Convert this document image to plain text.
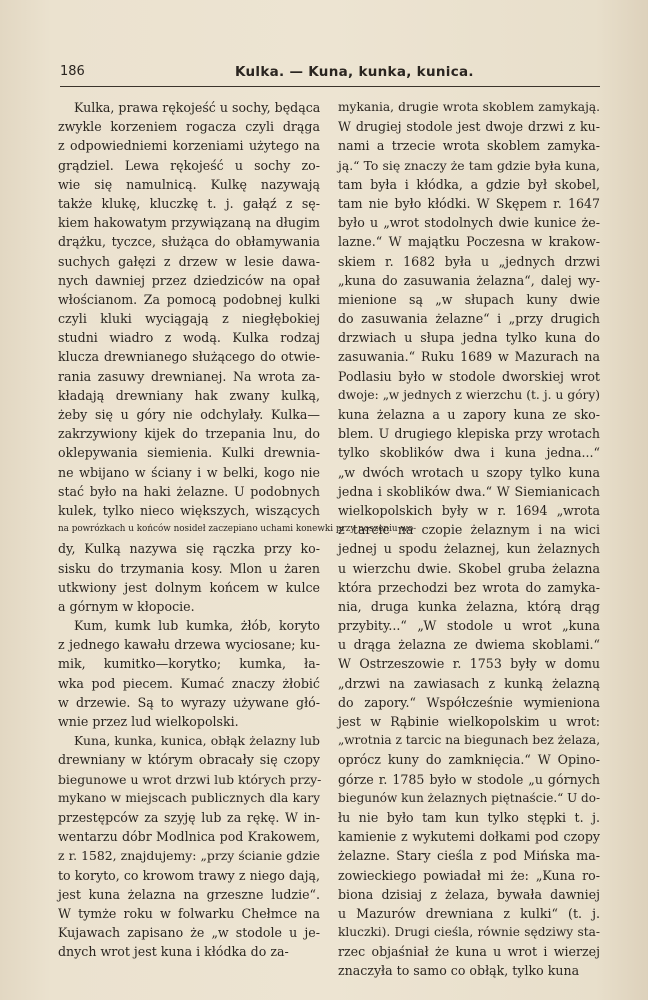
186	Kulka. — Kuna, kunka, kunica.
Kulka, prawa rękojeść u sochy, będąca
zwykle korzeniem rogacza czyli drąga
z odpowiedniemi korzeniami użytego na
grądziel. Lewa rękojeść u sochy zo-
wie się namulnicą. Kulkę nazywają
także klukę, kluczkę t. j. gałąź z sę-
kiem hakowatym przywiązaną na długim
drążku, tyczce, służąca do obłamywania
suchych gałęzi z drzew w lesie dawa-
nych dawniej przez dziedziców na opał
włościanom. Za pomocą podobnej kulki
czyli kluki wyciągają z niegłębokiej
studni wiadro z wodą. Kulka rodzaj
klucza drewnianego służącego do otwie-
rania zasuwy drewnianej. Na wrota za-
kładają drewniany hak zwany kulką,
żeby się u góry nie odchylały. Kulka—
zakrzywiony kijek do trzepania lnu, do
oklepywania siemienia. Kulki drewnia-
ne wbijano w ściany i w belki, kogo nie
stać było na haki żelazne. U podobnych
kulek, tylko nieco większych, wiszących
na powrózkach u końców nosideł zaczepiano uchami konewki przy noszeniu wo-
dy, Kulką nazywa się rączka przy ko-
sisku do trzymania kosy. Mlon u żaren
utkwiony jest dolnym końcem w kulce
a górnym w kłopocie.
Kum, kumk lub kumka, żłób, koryto
z jednego kawału drzewa wyciosane; ku-
mik, kumitko—korytko; kumka, ła-
wka pod piecem. Kumać znaczy żłobić
w drzewie. Są to wyrazy używane głó-
wnie przez lud wielkopolski.
Kuna, kunka, kunica, obłąk żelazny lub
drewniany w którym obracały się czopy
biegunowe u wrot drzwi lub których przy-
mykano w miejscach publicznych dla kary
przestępców za szyję lub za rękę. W in-
wentarzu dóbr Modlnica pod Krakowem,
z r. 1582, znajdujemy: „przy ścianie gdzie
to koryto, co krowom trawy z niego dają,
jest kuna żelazna na grzeszne ludzie“.
W tymże roku w folwarku Chełmce na
Kujawach zapisano że „w stodole u je-
dnych wrot jest kuna i kłódka do za-
mykania, drugie wrota skoblem zamykają.
W drugiej stodole jest dwoje drzwi z ku-
nami a trzecie wrota skoblem zamyka-
ją.“ To się znaczy że tam gdzie była kuna,
tam była i kłódka, a gdzie był skobel,
tam nie było kłódki. W Skępem r. 1647
było u „wrot stodolnych dwie kunice że-
lazne.“ W majątku Poczesna w krakow-
skiem r. 1682 była u „jednych drzwi
„kuna do zasuwania żelazna“, dalej wy-
mienione są „w słupach kuny dwie
do zasuwania żelazne“ i „przy drugich
drzwiach u słupa jedna tylko kuna do
zasuwania.“ Ruku 1689 w Mazurach na
Podlasiu było w stodole dworskiej wrot
dwoje: „w jednych z wierzchu (t. j. u góry)
kuna żelazna a u zapory kuna ze sko-
blem. U drugiego klepiska przy wrotach
tylko skoblików dwa i kuna jedna...“
„w dwóch wrotach u szopy tylko kuna
jedna i skoblików dwa.“ W Siemianicach
wielkopolskich były w r. 1694 „wrota
z tarcic na czopie żelaznym i na wici
jednej u spodu żelaznej, kun żelaznych
u wierzchu dwie. Skobel gruba żelazna
która przechodzi bez wrota do zamyka-
nia, druga kunka żelazna, którą drąg
przybity...“ „W stodole u wrot „kuna
u drąga żelazna ze dwiema skoblami.“
W Ostrzeszowie r. 1753 były w domu
„drzwi na zawiasach z kunką żelazną
do zapory.“ Współcześnie wymieniona
jest w Rąbinie wielkopolskim u wrot:
„wrotnia z tarcic na biegunach bez żelaza,
oprócz kuny do zamknięcia.“ W Opino-
górze r. 1785 było w stodole „u górnych
biegunów kun żelaznych piętnaście.“ U do-
łu nie było tam kun tylko stępki t. j.
kamienie z wykutemi dołkami pod czopy
żelazne. Stary cieśla z pod Mińska ma-
zowieckiego powiadał mi że: „Kuna ro-
biona dzisiaj z żelaza, bywała dawniej
u Mazurów drewniana z kulki“ (t. j.
kluczki). Drugi cieśla, równie sędziwy sta-
rzec objaśniał że kuna u wrot i wierzej
znaczyła to samo co obłąk, tylko kuna
